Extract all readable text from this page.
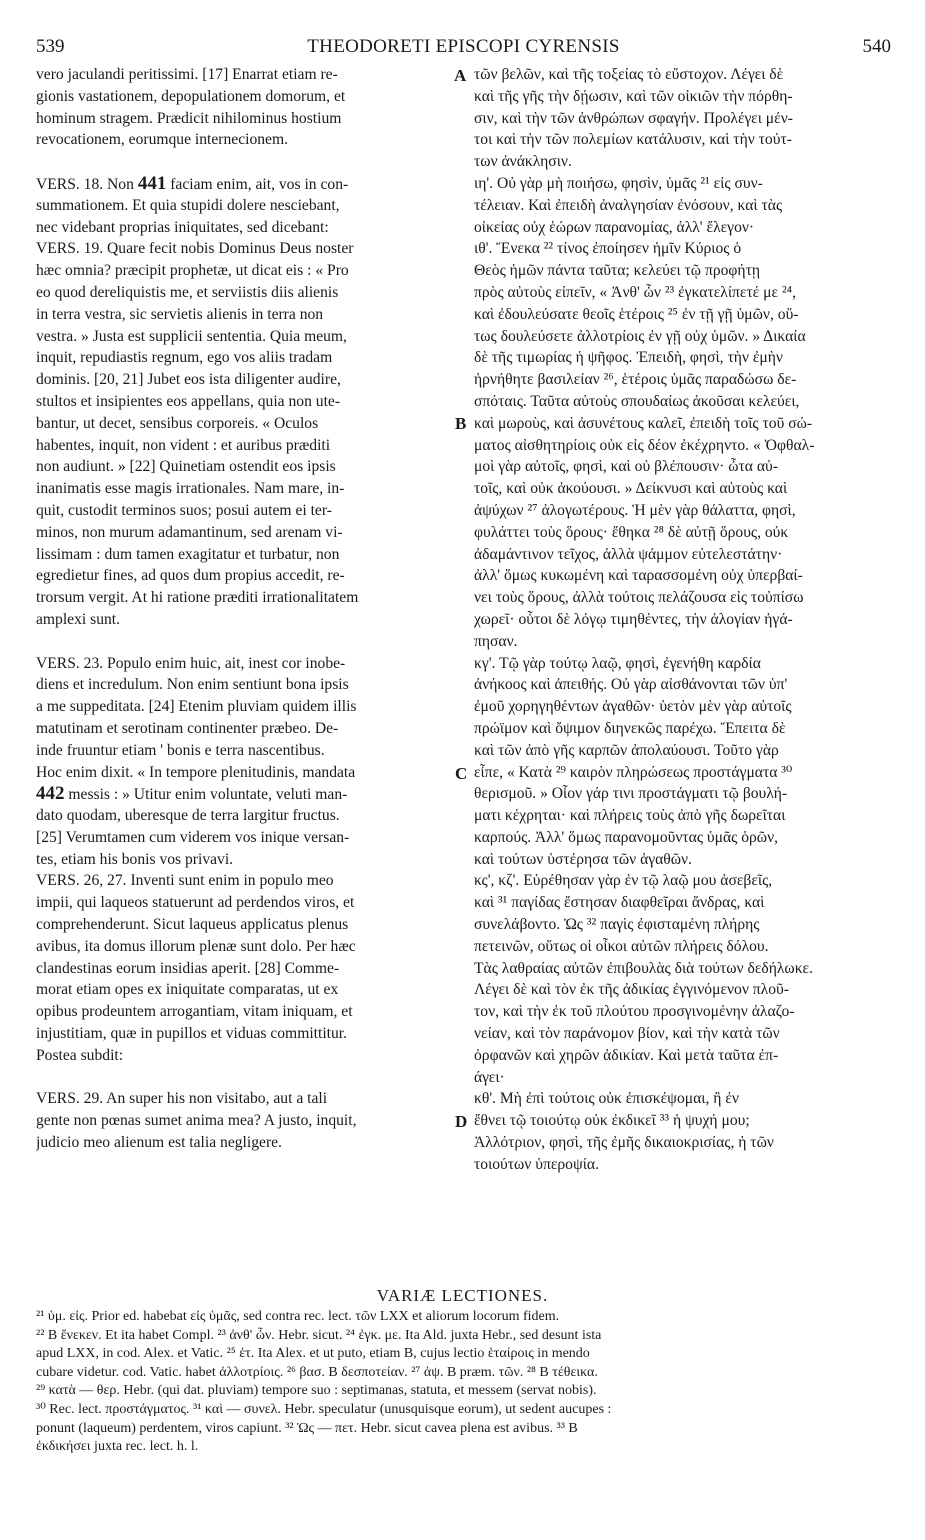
539	THEODORETI EPISCOPI CYRENSIS	540
vero jaculandi peritissimi. [17] Enarrat etiam re-
gionis vastationem, depopulationem domorum, et
hominum stragem. Prædicit nihilominus hostium
revocationem, eorumque internecionem.
VERS. 18. Non 441 faciam enim, ait, vos in con-
summationem. Et quia stupidi dolere nesciebant,
nec videbant proprias iniquitates, sed dicebant:
VERS. 19. Quare fecit nobis Dominus Deus noster
hæc omnia? præcipit prophetæ, ut dicat eis : « Pro
eo quod dereliquistis me, et serviistis diis alienis
in terra vestra, sic servietis alienis in terra non
vestra. » Justa est supplicii sententia. Quia meum,
inquit, repudiastis regnum, ego vos aliis tradam
dominis. [20, 21] Jubet eos ista diligenter audire,
stultos et insipientes eos appellans, quia non ute-
bantur, ut decet, sensibus corporeis. « Oculos
habentes, inquit, non vident : et auribus præditi
non audiunt. » [22] Quinetiam ostendit eos ipsis
inanimatis esse magis irrationales. Nam mare, in-
quit, custodit terminos suos; posui autem ei ter-
minos, non murum adamantinum, sed arenam vi-
lissimam : dum tamen exagitatur et turbatur, non
egredietur fines, ad quos dum propius accedit, re-
trorsum vergit. At hi ratione præditi irrationalitatem
amplexi sunt.
VERS. 23. Populo enim huic, ait, inest cor inobe-
diens et incredulum. Non enim sentiunt bona ipsis
a me suppeditata. [24] Etenim pluviam quidem illis
matutinam et serotinam continenter præbeo. De-
inde fruuntur etiam ' bonis e terra nascentibus.
Hoc enim dixit. « In tempore plenitudinis, mandata
442 messis : » Utitur enim voluntate, veluti man-
dato quodam, uberesque de terra largitur fructus.
[25] Verumtamen cum viderem vos inique versan-
tes, etiam his bonis vos privavi.
VERS. 26, 27. Inventi sunt enim in populo meo
impii, qui laqueos statuerunt ad perdendos viros, et
comprehenderunt. Sicut laqueus applicatus plenus
avibus, ita domus illorum plenæ sunt dolo. Per hæc
clandestinas eorum insidias aperit. [28] Comme-
morat etiam opes ex iniquitate comparatas, ut ex
opibus prodeuntem arrogantiam, vitam iniquam, et
injustitiam, quæ in pupillos et viduas committitur.
Postea subdit:
VERS. 29. An super his non visitabo, aut a tali
gente non pœnas sumet anima mea? A justo, inquit,
judicio meo alienum est talia negligere.
τῶν βελῶν, καὶ τῆς τοξείας τὸ εὔστοχον. Λέγει δὲ
καὶ τῆς γῆς τὴν δῄωσιν, καὶ τῶν οἰκιῶν τὴν πόρθη-
σιν, καὶ τὴν τῶν ἀνθρώπων σφαγήν. Προλέγει μέν-
τοι καὶ τὴν τῶν πολεμίων κατάλυσιν, καὶ τὴν τούτ-
των ἀνάκλησιν.
ιη'. Οὐ γὰρ μὴ ποιήσω, φησὶν, ὑμᾶς ²¹ εἰς συν-
τέλειαν. Καὶ ἐπειδὴ ἀναλγησίαν ἐνόσουν, καὶ τὰς
οἰκείας οὐχ ἑώρων παρανομίας, ἀλλ' ἔλεγον·
ιθ'. Ἕνεκα ²² τίνος ἐποίησεν ἡμῖν Κύριος ὁ
Θεὸς ἡμῶν πάντα ταῦτα; κελεύει τῷ προφήτῃ
πρὸς αὐτοὺς εἰπεῖν, « Ἀνθ' ὧν ²³ ἐγκατελίπετέ με ²⁴,
καὶ ἐδουλεύσατε θεοῖς ἑτέροις ²⁵ ἐν τῇ γῇ ὑμῶν, οὕ-
τως δουλεύσετε ἀλλοτρίοις ἐν γῇ οὐχ ὑμῶν. » Δικαία
δὲ τῆς τιμωρίας ἡ ψῆφος. Ἐπειδὴ, φησὶ, τὴν ἐμὴν
ἠρνήθητε βασιλείαν ²⁶, ἑτέροις ὑμᾶς παραδώσω δε-
σπόταις. Ταῦτα αὐτοὺς σπουδαίως ἀκοῦσαι κελεύει,
καὶ μωροὺς, καὶ ἀσυνέτους καλεῖ, ἐπειδὴ τοῖς τοῦ σώ-
ματος αἰσθητηρίοις οὐκ εἰς δέον ἐκέχρηντο. « Ὀφθαλ-
μοὶ γὰρ αὐτοῖς, φησὶ, καὶ οὐ βλέπουσιν· ὦτα αὐ-
τοῖς, καὶ οὐκ ἀκούουσι. » Δείκνυσι καὶ αὐτοὺς καὶ
ἀψύχων ²⁷ ἀλογωτέρους. Ἡ μὲν γὰρ θάλαττα, φησὶ,
φυλάττει τοὺς ὅρους· ἔθηκα ²⁸ δὲ αὐτῇ ὅρους, οὐκ
ἀδαμάντινον τεῖχος, ἀλλὰ ψάμμον εὐτελεστάτην·
ἀλλ' ὅμως κυκωμένη καὶ ταρασσομένη οὐχ ὑπερβαί-
νει τοὺς ὅρους, ἀλλὰ τούτοις πελάζουσα εἰς τοὐπίσω
χωρεῖ· οὗτοι δὲ λόγῳ τιμηθέντες, τὴν ἀλογίαν ἠγά-
πησαν.
κγ'. Τῷ γὰρ τούτῳ λαῷ, φησὶ, ἐγενήθη καρδία
ἀνήκοος καὶ ἀπειθής. Οὐ γὰρ αἰσθάνονται τῶν ὑπ'
ἐμοῦ χορηγηθέντων ἀγαθῶν· ὑετὸν μὲν γὰρ αὐτοῖς
πρώϊμον καὶ ὄψιμον διηνεκῶς παρέχω. Ἔπειτα δὲ
καὶ τῶν ἀπὸ γῆς καρπῶν ἀπολαύουσι. Τοῦτο γὰρ
εἶπε, « Κατὰ ²⁹ καιρὸν πληρώσεως προστάγματα ³⁰
θερισμοῦ. » Οἷον γάρ τινι προστάγματι τῷ βουλή-
ματι κέχρηται· καὶ πλήρεις τοὺς ἀπὸ γῆς δωρεῖται
καρπούς. Ἀλλ' ὅμως παρανομοῦντας ὑμᾶς ὁρῶν,
καὶ τούτων ὑστέρησα τῶν ἀγαθῶν.
κς', κζ'. Εὑρέθησαν γὰρ ἐν τῷ λαῷ μου ἀσεβεῖς,
καὶ ³¹ παγίδας ἔστησαν διαφθεῖραι ἄνδρας, καὶ
συνελάβοντο. Ὡς ³² παγὶς ἐφισταμένη πλήρης
πετεινῶν, οὕτως οἱ οἶκοι αὐτῶν πλήρεις δόλου.
Τὰς λαθραίας αὐτῶν ἐπιβουλὰς διὰ τούτων δεδήλωκε.
Λέγει δὲ καὶ τὸν ἐκ τῆς ἀδικίας ἐγγινόμενον πλοῦ-
τον, καὶ τὴν ἐκ τοῦ πλούτου προσγινομένην ἀλαζο-
νείαν, καὶ τὸν παράνομον βίον, καὶ τὴν κατὰ τῶν
ὀρφανῶν καὶ χηρῶν ἀδικίαν. Καὶ μετὰ ταῦτα ἐπ-
άγει·
κθ'. Μὴ ἐπὶ τούτοις οὐκ ἐπισκέψομαι, ἢ ἐν
ἔθνει τῷ τοιούτῳ οὐκ ἐκδικεῖ ³³ ἡ ψυχή μου;
Ἀλλότριον, φησὶ, τῆς ἐμῆς δικαιοκρισίας, ἡ τῶν
τοιούτων ὑπεροψία.
A
B
C
D
VARIÆ LECTIONES.
²¹ ὑμ. εἰς. Prior ed. habebat εἰς ὑμᾶς, sed contra rec. lect. τῶν LXX et aliorum locorum fidem.
²² B ἕνεκεν. Et ita habet Compl. ²³ ἀνθ' ὧν. Hebr. sicut. ²⁴ ἐγκ. με. Ita Ald. juxta Hebr., sed desunt ista
apud LXX, in cod. Alex. et Vatic. ²⁵ ἑτ. Ita Alex. et ut puto, etiam B, cujus lectio ἑταίροις in mendo
cubare videtur. cod. Vatic. habet ἀλλοτρίοις. ²⁶ βασ. B δεσποτείαν. ²⁷ ἀψ. B præm. τῶν. ²⁸ B τέθεικα.
²⁹ κατὰ — θερ. Hebr. (qui dat. pluviam) tempore suo : septimanas, statuta, et messem (servat nobis).
³⁰ Rec. lect. προστάγματος. ³¹ καὶ — συνελ. Hebr. speculatur (unusquisque eorum), ut sedent aucupes :
ponunt (laqueum) perdentem, viros capiunt. ³² Ὡς — πετ. Hebr. sicut cavea plena est avibus. ³³ B
ἐκδικήσει juxta rec. lect. h. l.
